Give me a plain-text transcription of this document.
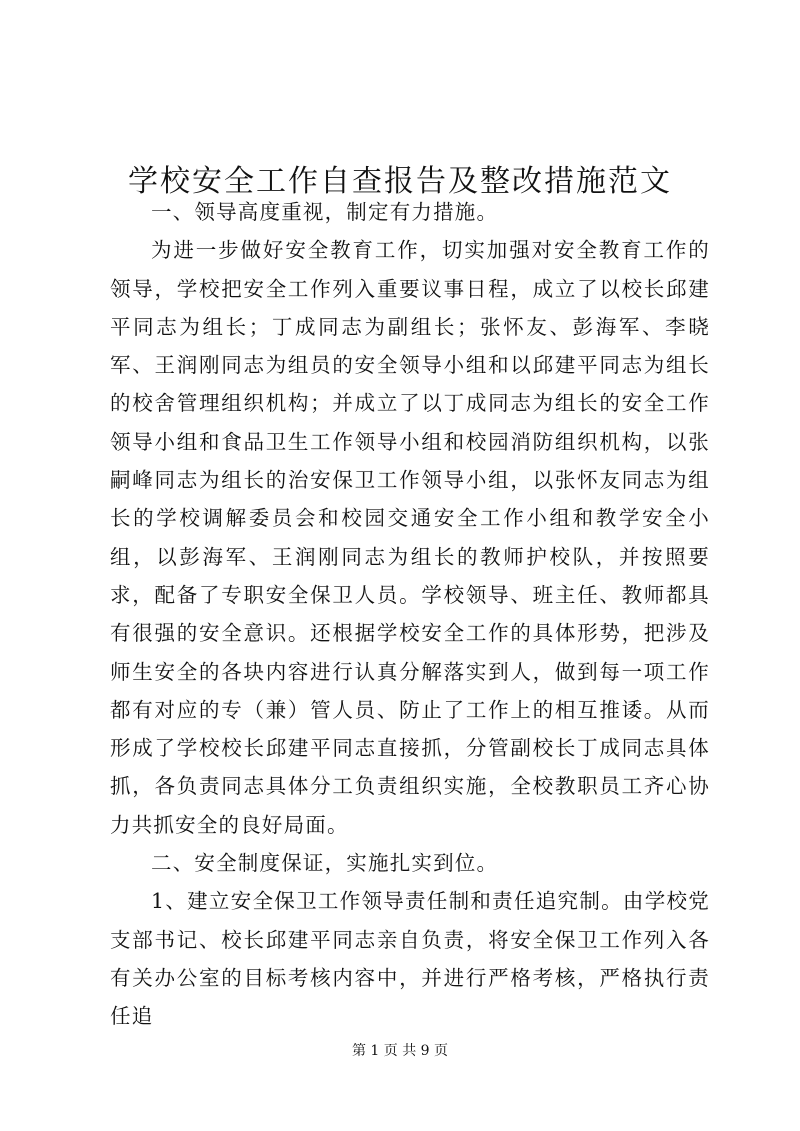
学校安全工作自查报告及整改措施范文

一、领导高度重视，制定有力措施。

为进一步做好安全教育工作，切实加强对安全教育工作的领导，学校把安全工作列入重要议事日程，成立了以校长邱建平同志为组长；丁成同志为副组长；张怀友、彭海军、李晓军、王润刚同志为组员的安全领导小组和以邱建平同志为组长的校舍管理组织机构；并成立了以丁成同志为组长的安全工作领导小组和食品卫生工作领导小组和校园消防组织机构，以张嗣峰同志为组长的治安保卫工作领导小组，以张怀友同志为组长的学校调解委员会和校园交通安全工作小组和教学安全小组，以彭海军、王润刚同志为组长的教师护校队，并按照要求，配备了专职安全保卫人员。学校领导、班主任、教师都具有很强的安全意识。还根据学校安全工作的具体形势，把涉及师生安全的各块内容进行认真分解落实到人，做到每一项工作都有对应的专（兼）管人员、防止了工作上的相互推诿。从而形成了学校校长邱建平同志直接抓，分管副校长丁成同志具体抓，各负责同志具体分工负责组织实施，全校教职员工齐心协力共抓安全的良好局面。

二、安全制度保证，实施扎实到位。

1、建立安全保卫工作领导责任制和责任追究制。由学校党支部书记、校长邱建平同志亲自负责，将安全保卫工作列入各有关办公室的目标考核内容中，并进行严格考核，严格执行责任追

第 1 页 共 9 页
